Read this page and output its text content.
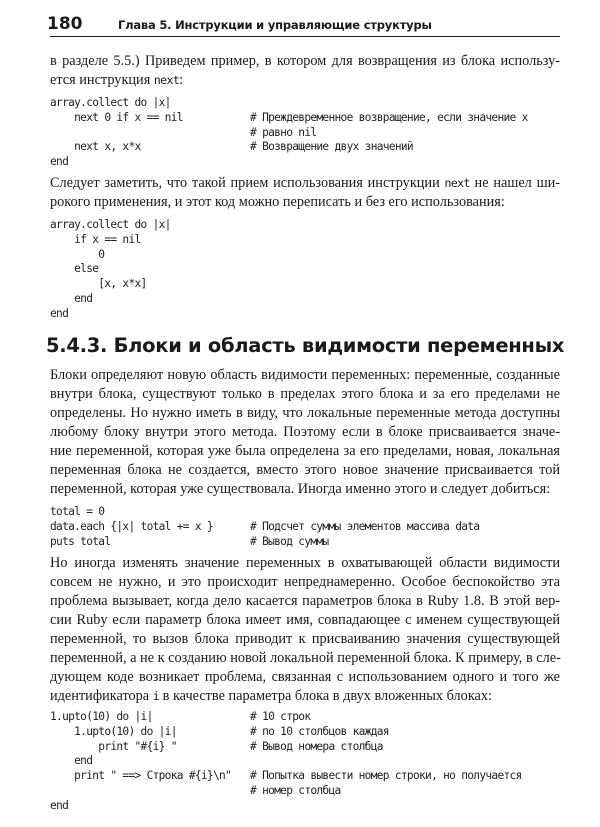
180	Глава 5. Инструкции и управляющие структуры
в разделе 5.5.) Приведем пример, в котором для возвращения из блока использу-
ется инструкция next:
array.collect do |x|
next 0 if x == nil	# Преждевременное возвращение, если значение x
# равно nil
next x, x*x	# Возвращение двух значений
end
Следует заметить, что такой прием использования инструкции next не нашел ши-
рокого применения, и этот код можно переписать и без его использования:
array.collect do |x|
if x == nil
0
else
[x, x*x]
end
end
5.4.3. Блоки и область видимости переменных
Блоки определяют новую область видимости переменных: переменные, созданные
внутри блока, существуют только в пределах этого блока и за его пределами не
определены. Но нужно иметь в виду, что локальные переменные метода доступны
любому блоку внутри этого метода. Поэтому если в блоке присваивается значе-
ние переменной, которая уже была определена за его пределами, новая, локальная
переменная блока не создается, вместо этого новое значение присваивается той
переменной, которая уже существовала. Иногда именно этого и следует добиться:
total = 0
data.each {|x| total += x }	# Подсчет суммы элементов массива data
puts total	# Вывод суммы
Но иногда изменять значение переменных в охватывающей области видимости
совсем не нужно, и это происходит непреднамеренно. Особое беспокойство эта
проблема вызывает, когда дело касается параметров блока в Ruby 1.8. В этой вер-
сии Ruby если параметр блока имеет имя, совпадающее с именем существующей
переменной, то вызов блока приводит к присваиванию значения существующей
переменной, а не к созданию новой локальной переменной блока. К примеру, в сле-
дующем коде возникает проблема, связанная с использованием одного и того же
идентификатора i в качестве параметра блока в двух вложенных блоках:
1.upto(10) do |i|	# 10 строк
1.upto(10) do |i|	# по 10 столбцов каждая
print "#{i} "	# Вывод номера столбца
end
print " ==> Строка #{i}\n" # Попытка вывести номер строки, но получается
# номер столбца
end
